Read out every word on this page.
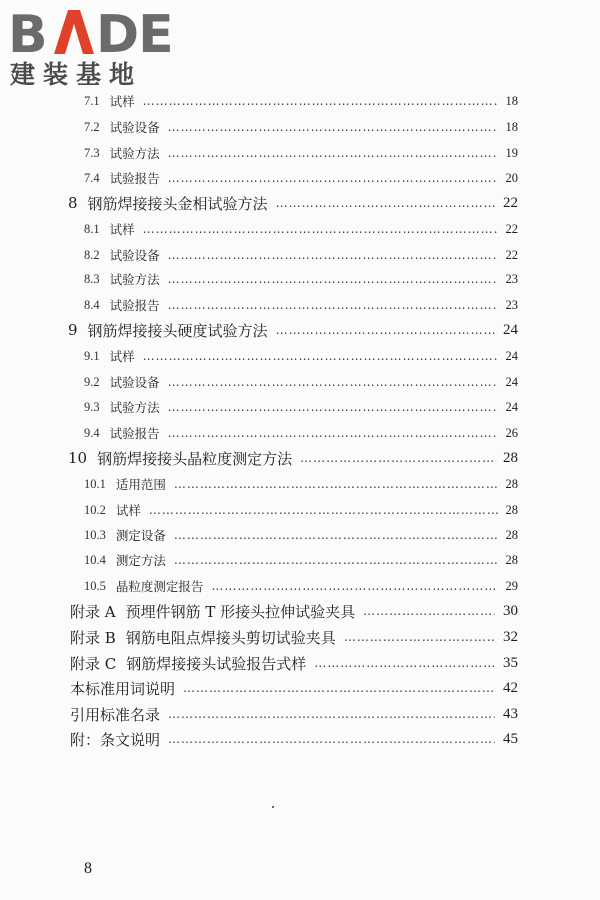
B DE
建装基地
7.1 试样 ……………………………………………………………………………………………………………………………………………	18
7.2 试验设备 ……………………………………………………………………………………………………………………………………………	18
7.3 试验方法 ……………………………………………………………………………………………………………………………………………	19
7.4 试验报告 ……………………………………………………………………………………………………………………………………………	20
8 钢筋焊接接头金相试验方法 ……………………………………………………………………………………………………………………………………………	22
8.1 试样 ……………………………………………………………………………………………………………………………………………	22
8.2 试验设备 ……………………………………………………………………………………………………………………………………………	22
8.3 试验方法 ……………………………………………………………………………………………………………………………………………	23
8.4 试验报告 ……………………………………………………………………………………………………………………………………………	23
9 钢筋焊接接头硬度试验方法 ……………………………………………………………………………………………………………………………………………	24
9.1 试样 ……………………………………………………………………………………………………………………………………………	24
9.2 试验设备 ……………………………………………………………………………………………………………………………………………	24
9.3 试验方法 ……………………………………………………………………………………………………………………………………………	24
9.4 试验报告 ……………………………………………………………………………………………………………………………………………	26
10 钢筋焊接接头晶粒度测定方法 ……………………………………………………………………………………………………………………………………………	28
10.1 适用范围 ……………………………………………………………………………………………………………………………………………	28
10.2 试样 ……………………………………………………………………………………………………………………………………………	28
10.3 测定设备 ……………………………………………………………………………………………………………………………………………	28
10.4 测定方法 ……………………………………………………………………………………………………………………………………………	28
10.5 晶粒度测定报告 ……………………………………………………………………………………………………………………………………………	29
附录 A 预埋件钢筋 T 形接头拉伸试验夹具 ……………………………………………………………………………………………………………………………………………	30
附录 B 钢筋电阻点焊接头剪切试验夹具 ……………………………………………………………………………………………………………………………………………	32
附录 C 钢筋焊接接头试验报告式样 ……………………………………………………………………………………………………………………………………………	35
本标准用词说明 ……………………………………………………………………………………………………………………………………………	42
引用标准名录 ……………………………………………………………………………………………………………………………………………	43
附：条文说明 ……………………………………………………………………………………………………………………………………………	45
8
